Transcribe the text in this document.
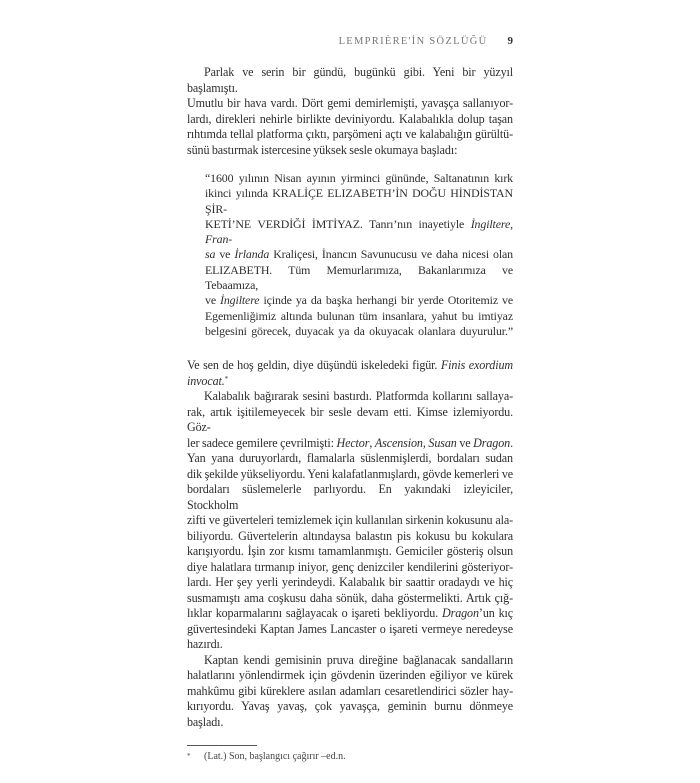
LEMPRIÈRE'İN SÖZLÜĞÜ 9
Parlak ve serin bir gündü, bugünkü gibi. Yeni bir yüzyıl başlamıştı.
Umutlu bir hava vardı. Dört gemi demirlemişti, yavaşça sallanıyor-
lardı, direkleri nehirle birlikte deviniyordu. Kalabalıkla dolup taşan
rıhtımda tellal platforma çıktı, parşömeni açtı ve kalabalığın gürültü-
sünü bastırmak istercesine yüksek sesle okumaya başladı:
“1600 yılının Nisan ayının yirminci gününde, Saltanatının kırk
ikinci yılında KRALİÇE ELIZABETH’İN DOĞU HİNDİSTAN ŞİR-
KETİ’NE VERDİĞİ İMTİYAZ. Tanrı’nın inayetiyle İngiltere, Fran-
sa ve İrlanda Kraliçesi, İnancın Savunucusu ve daha nicesi olan
ELIZABETH. Tüm Memurlarımıza, Bakanlarımıza ve Tebaamıza,
ve İngiltere içinde ya da başka herhangi bir yerde Otoritemiz ve
Egemenliğimiz altında bulunan tüm insanlara, yahut bu imtiyaz
belgesini görecek, duyacak ya da okuyacak olanlara duyurulur.”
Ve sen de hoş geldin, diye düşündü iskeledeki figür. Finis exordium
invocat.*
Kalabalık bağırarak sesini bastırdı. Platformda kollarını sallaya-
rak, artık işitilemeyecek bir sesle devam etti. Kimse izlemiyordu. Göz-
ler sadece gemilere çevrilmişti: Hector, Ascension, Susan ve Dragon.
Yan yana duruyorlardı, flamalarla süslenmişlerdi, bordaları sudan
dik şekilde yükseliyordu. Yeni kalafatlanmışlardı, gövde kemerleri ve
bordaları süslemelerle parlıyordu. En yakındaki izleyiciler, Stockholm
zifti ve güverteleri temizlemek için kullanılan sirkenin kokusunu ala-
biliyordu. Güvertelerin altındaysa balastın pis kokusu bu kokulara
karışıyordu. İşin zor kısmı tamamlanmıştı. Gemiciler gösteriş olsun
diye halatlara tırmanıp iniyor, genç denizciler kendilerini gösteriyor-
lardı. Her şey yerli yerindeydi. Kalabalık bir saattir oradaydı ve hiç
susmamıştı ama coşkusu daha sönük, daha göstermelikti. Artık çığ-
lıklar koparmalarını sağlayacak o işareti bekliyordu. Dragon’un kıç
güvertesindeki Kaptan James Lancaster o işareti vermeye neredeyse
hazırdı.
Kaptan kendi gemisinin pruva direğine bağlanacak sandalların
halatlarını yönlendirmek için gövdenin üzerinden eğiliyor ve kürek
mahkûmu gibi küreklere asılan adamları cesaretlendirici sözler hay-
kırıyordu. Yavaş yavaş, çok yavaşça, geminin burnu dönmeye başladı.
*	(Lat.) Son, başlangıcı çağırır –ed.n.
